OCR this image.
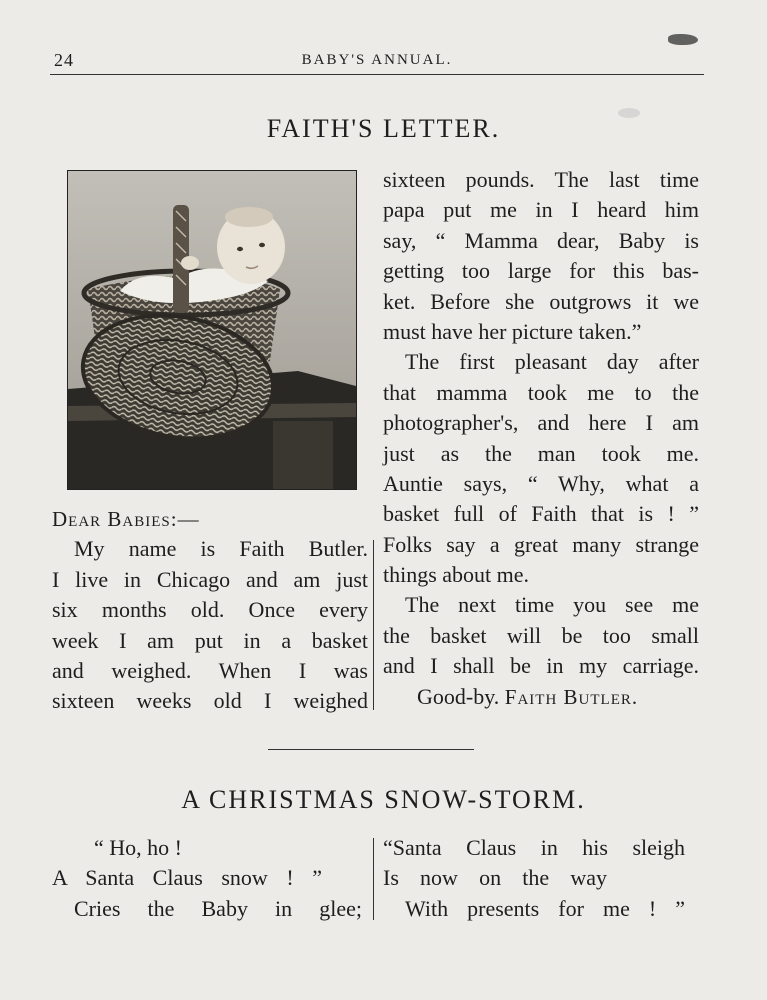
24	BABY'S ANNUAL.
FAITH'S LETTER.
Dear Babies:—
My name is Faith Butler.
I live in Chicago and am just
six months old. Once every
week I am put in a basket
and weighed. When I was
sixteen weeks old I weighed
sixteen pounds. The last time
papa put me in I heard him
say, “ Mamma dear, Baby is
getting too large for this bas-
ket. Before she outgrows it we
must have her picture taken.”
The first pleasant day after
that mamma took me to the
photographer's, and here I am
just as the man took me.
Auntie says, “ Why, what a
basket full of Faith that is ! ”
Folks say a great many strange
things about me.
The next time you see me
the basket will be too small
and I shall be in my carriage.
Good-by. Faith Butler.
A CHRISTMAS SNOW-STORM.
“ Ho, ho !
A Santa Claus snow ! ”
Cries the Baby in glee;
“Santa Claus in his sleigh
Is now on the way
With presents for me ! ”
